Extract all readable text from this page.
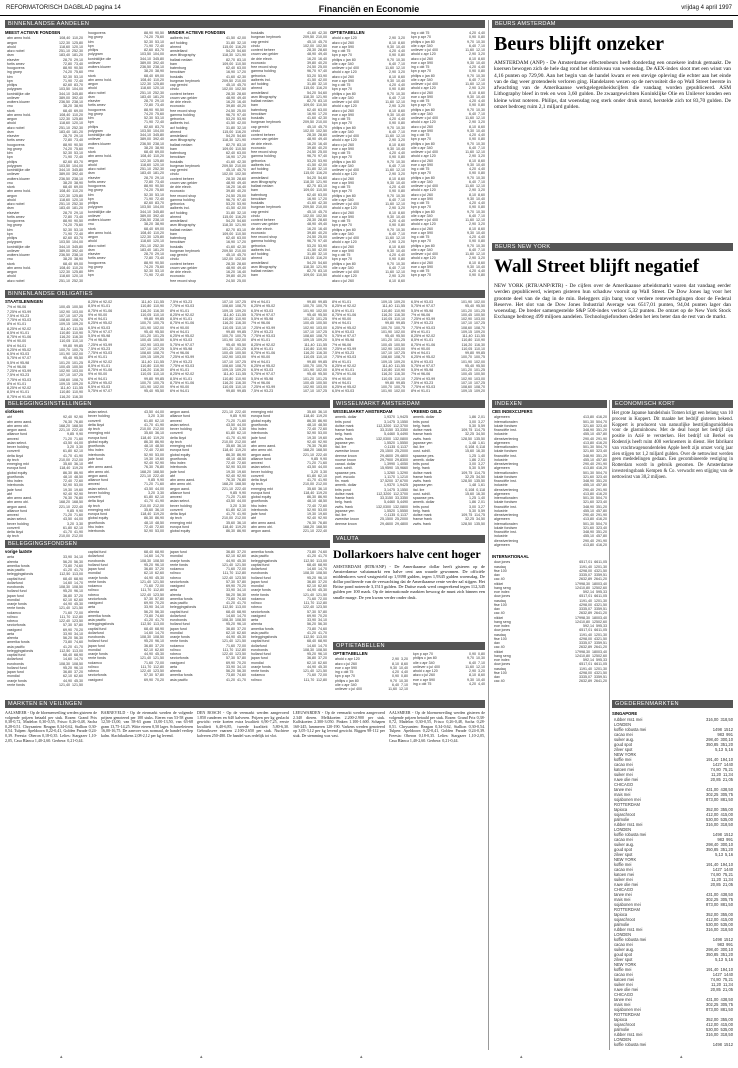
REFORMATORISCH DAGBLAD pagina 14	Financiën en Economie	vrijdag 4 april 1997
BINNENLANDSE AANDELEN
MEEST ACTIEVE FONDSEN
abn amro hold.	108,40 110,20
aegon	122,30 125,80
ahold	118,60 120,10
akzo nobel	251,10 252,30
dsm	183,40 181,20
elsevier	28,70 29,10
fortis amev	72,80 73,40
hoogovens	88,90 90,50
ing groep	74,20 75,60
klm	52,30 53,10
kpn	71,90 72,40
philips	82,60 83,70
polygram	103,50 104,00
koninklijke olie	344,10 345,80
unilever	389,00 392,40
wolters kluwer	236,50 238,10
vnu	38,20 38,90
stork	68,40 69,00
abn amro hold.	108,40 110,20
aegon	122,30 125,80
ahold	118,60 120,10
akzo nobel	251,10 252,30
dsm	183,40 181,20
elsevier	28,70 29,10
fortis amev	72,80 73,40
hoogovens	88,90 90,50
ing groep	74,20 75,60
klm	52,30 53,10
kpn	71,90 72,40
philips	82,60 83,70
polygram	103,50 104,00
koninklijke olie	344,10 345,80
unilever	389,00 392,40
wolters kluwer	236,50 238,10
vnu	38,20 38,90
stork	68,40 69,00
abn amro hold.	108,40 110,20
aegon	122,30 125,80
ahold	118,60 120,10
akzo nobel	251,10 252,30
dsm	183,40 181,20
elsevier	28,70 29,10
fortis amev	72,80 73,40
hoogovens	88,90 90,50
ing groep	74,20 75,60
klm	52,30 53,10
kpn	71,90 72,40
philips	82,60 83,70
polygram	103,50 104,00
koninklijke olie	344,10 345,80
unilever	389,00 392,40
wolters kluwer	236,50 238,10
vnu	38,20 38,90
stork	68,40 69,00
abn amro hold.	108,40 110,20
aegon	122,30 125,80
ahold	118,60 120,10
akzo nobel	251,10 252,30
hoogovens	88,90 90,50
ing groep	74,20 75,60
klm	52,30 53,10
kpn	71,90 72,40
philips	82,60 83,70
polygram	103,50 104,00
koninklijke olie	344,10 345,80
unilever	389,00 392,40
wolters kluwer	236,50 238,10
vnu	38,20 38,90
stork	68,40 69,00
abn amro hold.	108,40 110,20
aegon	122,30 125,80
ahold	118,60 120,10
akzo nobel	251,10 252,30
dsm	183,40 181,20
elsevier	28,70 29,10
fortis amev	72,80 73,40
hoogovens	88,90 90,50
ing groep	74,20 75,60
klm	52,30 53,10
kpn	71,90 72,40
philips	82,60 83,70
polygram	103,50 104,00
koninklijke olie	344,10 345,80
unilever	389,00 392,40
wolters kluwer	236,50 238,10
vnu	38,20 38,90
stork	68,40 69,00
abn amro hold.	108,40 110,20
aegon	122,30 125,80
ahold	118,60 120,10
akzo nobel	251,10 252,30
dsm	183,40 181,20
elsevier	28,70 29,10
fortis amev	72,80 73,40
hoogovens	88,90 90,50
ing groep	74,20 75,60
klm	52,30 53,10
kpn	71,90 72,40
philips	82,60 83,70
polygram	103,50 104,00
koninklijke olie	344,10 345,80
unilever	389,00 392,40
wolters kluwer	236,50 238,10
vnu	38,20 38,90
stork	68,40 69,00
abn amro hold.	108,40 110,20
aegon	122,30 125,80
ahold	118,60 120,10
akzo nobel	251,10 252,30
dsm	183,40 181,20
elsevier	28,70 29,10
fortis amev	72,80 73,40
hoogovens	88,90 90,50
ing groep	74,20 75,60
klm	52,30 53,10
kpn	71,90 72,40
MINDER ACTIEVE FONDSEN
aalberts ind.	41,50 42,00
acf holding	31,80 32,10
ahrend	115,00 116,20
amstelland	54,20 54,60
asm lithography	118,30 121,90
ballast nedam	82,70 83,10
bam	109,00 110,50
batenburg	62,40 63,00
benckiser	16,90 17,20
boskalis	41,60 42,30
burgman heybroek	209,50 210,00
cap gemini	45,10 45,70
cindu	102,00 102,50
content beheer	28,30 28,60
crown van gelder	48,90 49,40
de drie electr.	16,20 16,40
econosto	39,80 40,20
free record shop	24,50 25,00
gamma holding	96,70 97,40
getronics	53,20 53,90
aalberts ind.	41,50 42,00
acf holding	31,80 32,10
ahrend	115,00 116,20
amstelland	54,20 54,60
asm lithography	118,30 121,90
ballast nedam	82,70 83,10
bam	109,00 110,50
batenburg	62,40 63,00
benckiser	16,90 17,20
boskalis	41,60 42,30
burgman heybroek	209,50 210,00
cap gemini	45,10 45,70
cindu	102,00 102,50
content beheer	28,30 28,60
crown van gelder	48,90 49,40
de drie electr.	16,20 16,40
econosto	39,80 40,20
free record shop	24,50 25,00
gamma holding	96,70 97,40
getronics	53,20 53,90
aalberts ind.	41,50 42,00
acf holding	31,80 32,10
ahrend	115,00 116,20
amstelland	54,20 54,60
asm lithography	118,30 121,90
ballast nedam	82,70 83,10
bam	109,00 110,50
batenburg	62,40 63,00
benckiser	16,90 17,20
boskalis	41,60 42,30
burgman heybroek	209,50 210,00
cap gemini	45,10 45,70
cindu	102,00 102,50
content beheer	28,30 28,60
crown van gelder	48,90 49,40
de drie electr.	16,20 16,40
econosto	39,80 40,20
free record shop	24,50 25,00
boskalis	41,60 42,30
burgman heybroek	209,50 210,00
cap gemini	45,10 45,70
cindu	102,00 102,50
content beheer	28,30 28,60
crown van gelder	48,90 49,40
de drie electr.	16,20 16,40
econosto	39,80 40,20
free record shop	24,50 25,00
gamma holding	96,70 97,40
getronics	53,20 53,90
aalberts ind.	41,50 42,00
acf holding	31,80 32,10
ahrend	115,00 116,20
amstelland	54,20 54,60
asm lithography	118,30 121,90
ballast nedam	82,70 83,10
bam	109,00 110,50
batenburg	62,40 63,00
benckiser	16,90 17,20
boskalis	41,60 42,30
burgman heybroek	209,50 210,00
cap gemini	45,10 45,70
cindu	102,00 102,50
content beheer	28,30 28,60
crown van gelder	48,90 49,40
de drie electr.	16,20 16,40
econosto	39,80 40,20
free record shop	24,50 25,00
gamma holding	96,70 97,40
getronics	53,20 53,90
aalberts ind.	41,50 42,00
acf holding	31,80 32,10
ahrend	115,00 116,20
amstelland	54,20 54,60
asm lithography	118,30 121,90
ballast nedam	82,70 83,10
bam	109,00 110,50
batenburg	62,40 63,00
benckiser	16,90 17,20
boskalis	41,60 42,30
burgman heybroek	209,50 210,00
cap gemini	45,10 45,70
cindu	102,00 102,50
content beheer	28,30 28,60
crown van gelder	48,90 49,40
de drie electr.	16,20 16,40
econosto	39,80 40,20
free record shop	24,50 25,00
gamma holding	96,70 97,40
getronics	53,20 53,90
aalberts ind.	41,50 42,00
acf holding	31,80 32,10
ahrend	115,00 116,20
amstelland	54,20 54,60
asm lithography	118,30 121,90
ballast nedam	82,70 83,10
bam	109,00 110,50
OPTIETABELLEN
ahold c apr 120	2,90 3,20
akzo c jul 260	8,10 8,60
eoe c apr 590	9,30 10,40
ing c okt 75	4,20 4,40
kpn p apr 70	0,90 0,80
philips c jan 80	9,70 10,30
olie c apr 340	6,40 7,10
unilever c jul 400	11,60 12,10
ahold c apr 120	2,90 3,20
akzo c jul 260	8,10 8,60
eoe c apr 590	9,30 10,40
ing c okt 75	4,20 4,40
kpn p apr 70	0,90 0,80
philips c jan 80	9,70 10,30
olie c apr 340	6,40 7,10
unilever c jul 400	11,60 12,10
ahold c apr 120	2,90 3,20
akzo c jul 260	8,10 8,60
eoe c apr 590	9,30 10,40
ing c okt 75	4,20 4,40
kpn p apr 70	0,90 0,80
philips c jan 80	9,70 10,30
olie c apr 340	6,40 7,10
unilever c jul 400	11,60 12,10
ahold c apr 120	2,90 3,20
akzo c jul 260	8,10 8,60
eoe c apr 590	9,30 10,40
ing c okt 75	4,20 4,40
kpn p apr 70	0,90 0,80
philips c jan 80	9,70 10,30
olie c apr 340	6,40 7,10
unilever c jul 400	11,60 12,10
ahold c apr 120	2,90 3,20
akzo c jul 260	8,10 8,60
eoe c apr 590	9,30 10,40
ing c okt 75	4,20 4,40
kpn p apr 70	0,90 0,80
philips c jan 80	9,70 10,30
olie c apr 340	6,40 7,10
unilever c jul 400	11,60 12,10
ahold c apr 120	2,90 3,20
akzo c jul 260	8,10 8,60
eoe c apr 590	9,30 10,40
ing c okt 75	4,20 4,40
kpn p apr 70	0,90 0,80
philips c jan 80	9,70 10,30
olie c apr 340	6,40 7,10
unilever c jul 400	11,60 12,10
ahold c apr 120	2,90 3,20
akzo c jul 260	8,10 8,60
eoe c apr 590	9,30 10,40
ing c okt 75	4,20 4,40
kpn p apr 70	0,90 0,80
philips c jan 80	9,70 10,30
olie c apr 340	6,40 7,10
unilever c jul 400	11,60 12,10
ahold c apr 120	2,90 3,20
akzo c jul 260	8,10 8,60
ing c okt 75	4,20 4,40
kpn p apr 70	0,90 0,80
philips c jan 80	9,70 10,30
olie c apr 340	6,40 7,10
unilever c jul 400	11,60 12,10
ahold c apr 120	2,90 3,20
akzo c jul 260	8,10 8,60
eoe c apr 590	9,30 10,40
ing c okt 75	4,20 4,40
kpn p apr 70	0,90 0,80
philips c jan 80	9,70 10,30
olie c apr 340	6,40 7,10
unilever c jul 400	11,60 12,10
ahold c apr 120	2,90 3,20
akzo c jul 260	8,10 8,60
eoe c apr 590	9,30 10,40
ing c okt 75	4,20 4,40
kpn p apr 70	0,90 0,80
philips c jan 80	9,70 10,30
olie c apr 340	6,40 7,10
unilever c jul 400	11,60 12,10
ahold c apr 120	2,90 3,20
akzo c jul 260	8,10 8,60
eoe c apr 590	9,30 10,40
ing c okt 75	4,20 4,40
kpn p apr 70	0,90 0,80
philips c jan 80	9,70 10,30
olie c apr 340	6,40 7,10
unilever c jul 400	11,60 12,10
ahold c apr 120	2,90 3,20
akzo c jul 260	8,10 8,60
eoe c apr 590	9,30 10,40
ing c okt 75	4,20 4,40
kpn p apr 70	0,90 0,80
philips c jan 80	9,70 10,30
olie c apr 340	6,40 7,10
unilever c jul 400	11,60 12,10
ahold c apr 120	2,90 3,20
akzo c jul 260	8,10 8,60
eoe c apr 590	9,30 10,40
ing c okt 75	4,20 4,40
kpn p apr 70	0,90 0,80
philips c jan 80	9,70 10,30
olie c apr 340	6,40 7,10
unilever c jul 400	11,60 12,10
ahold c apr 120	2,90 3,20
akzo c jul 260	8,10 8,60
eoe c apr 590	9,30 10,40
ing c okt 75	4,20 4,40
kpn p apr 70	0,90 0,80
philips c jan 80	9,70 10,30
olie c apr 340	6,40 7,10
unilever c jul 400	11,60 12,10
ahold c apr 120	2,90 3,20
akzo c jul 260	8,10 8,60
eoe c apr 590	9,30 10,40
ing c okt 75	4,20 4,40
kpn p apr 70	0,90 0,80
BINNENLANDSE OBLIGATIES
STAATSLENINGEN
7% nl 96-06	100,45 100,50
7,25% nl 93-99	102,90 103,00
7,5% nl 93-23	107,10 107,25
7,75% nl 93-03	108,60 108,70
8% nl 91-01	109,15 109,20
8,25% nl 92-02	111,40 111,55
8,5% nl 91-01	110,80 110,90
8,75% nl 91-06	116,20 116,30
9% nl 90-00	110,05 110,10
6% nl 94-01	99,80 99,85
6,25% nl 95-02	100,70 100,75
6,5% nl 93-03	101,90 102,00
5,75% nl 97-07	95,40 95,50
5,5% nl 95-98	101,20 101,25
7% nl 96-06	100,45 100,50
7,25% nl 93-99	102,90 103,00
7,5% nl 93-23	107,10 107,25
7,75% nl 93-03	108,60 108,70
8% nl 91-01	109,15 109,20
8,25% nl 92-02	111,40 111,55
8,5% nl 91-01	110,80 110,90
8,75% nl 91-06	116,20 116,30
8,25% nl 92-02	111,40 111,55
8,5% nl 91-01	110,80 110,90
8,75% nl 91-06	116,20 116,30
9% nl 90-00	110,05 110,10
6% nl 94-01	99,80 99,85
6,25% nl 95-02	100,70 100,75
6,5% nl 93-03	101,90 102,00
5,75% nl 97-07	95,40 95,50
5,5% nl 95-98	101,20 101,25
7% nl 96-06	100,45 100,50
7,25% nl 93-99	102,90 103,00
7,5% nl 93-23	107,10 107,25
7,75% nl 93-03	108,60 108,70
8% nl 91-01	109,15 109,20
8,25% nl 92-02	111,40 111,55
8,5% nl 91-01	110,80 110,90
8,75% nl 91-06	116,20 116,30
9% nl 90-00	110,05 110,10
6% nl 94-01	99,80 99,85
6,25% nl 95-02	100,70 100,75
6,5% nl 93-03	101,90 102,00
5,75% nl 97-07	95,40 95,50
7,5% nl 93-23	107,10 107,25
7,75% nl 93-03	108,60 108,70
8% nl 91-01	109,15 109,20
8,25% nl 92-02	111,40 111,55
8,5% nl 91-01	110,80 110,90
8,75% nl 91-06	116,20 116,30
9% nl 90-00	110,05 110,10
6% nl 94-01	99,80 99,85
6,25% nl 95-02	100,70 100,75
6,5% nl 93-03	101,90 102,00
5,75% nl 97-07	95,40 95,50
5,5% nl 95-98	101,20 101,25
7% nl 96-06	100,45 100,50
7,25% nl 93-99	102,90 103,00
7,5% nl 93-23	107,10 107,25
7,75% nl 93-03	108,60 108,70
8% nl 91-01	109,15 109,20
8,25% nl 92-02	111,40 111,55
8,5% nl 91-01	110,80 110,90
8,75% nl 91-06	116,20 116,30
9% nl 90-00	110,05 110,10
6% nl 94-01	99,80 99,85
6% nl 94-01	99,80 99,85
6,25% nl 95-02	100,70 100,75
6,5% nl 93-03	101,90 102,00
5,75% nl 97-07	95,40 95,50
5,5% nl 95-98	101,20 101,25
7% nl 96-06	100,45 100,50
7,25% nl 93-99	102,90 103,00
7,5% nl 93-23	107,10 107,25
7,75% nl 93-03	108,60 108,70
8% nl 91-01	109,15 109,20
8,25% nl 92-02	111,40 111,55
8,5% nl 91-01	110,80 110,90
8,75% nl 91-06	116,20 116,30
9% nl 90-00	110,05 110,10
6% nl 94-01	99,80 99,85
6,25% nl 95-02	100,70 100,75
6,5% nl 93-03	101,90 102,00
5,75% nl 97-07	95,40 95,50
5,5% nl 95-98	101,20 101,25
7% nl 96-06	100,45 100,50
7,25% nl 93-99	102,90 103,00
7,5% nl 93-23	107,10 107,25
8% nl 91-01	109,15 109,20
8,25% nl 92-02	111,40 111,55
8,5% nl 91-01	110,80 110,90
8,75% nl 91-06	116,20 116,30
9% nl 90-00	110,05 110,10
6% nl 94-01	99,80 99,85
6,25% nl 95-02	100,70 100,75
6,5% nl 93-03	101,90 102,00
5,75% nl 97-07	95,40 95,50
5,5% nl 95-98	101,20 101,25
7% nl 96-06	100,45 100,50
7,25% nl 93-99	102,90 103,00
7,5% nl 93-23	107,10 107,25
7,75% nl 93-03	108,60 108,70
8% nl 91-01	109,15 109,20
8,25% nl 92-02	111,40 111,55
8,5% nl 91-01	110,80 110,90
8,75% nl 91-06	116,20 116,30
9% nl 90-00	110,05 110,10
6% nl 94-01	99,80 99,85
6,25% nl 95-02	100,70 100,75
6,5% nl 93-03	101,90 102,00
6,5% nl 93-03	101,90 102,00
5,75% nl 97-07	95,40 95,50
5,5% nl 95-98	101,20 101,25
7% nl 96-06	100,45 100,50
7,25% nl 93-99	102,90 103,00
7,5% nl 93-23	107,10 107,25
7,75% nl 93-03	108,60 108,70
8% nl 91-01	109,15 109,20
8,25% nl 92-02	111,40 111,55
8,5% nl 91-01	110,80 110,90
8,75% nl 91-06	116,20 116,30
9% nl 90-00	110,05 110,10
6% nl 94-01	99,80 99,85
6,25% nl 95-02	100,70 100,75
6,5% nl 93-03	101,90 102,00
5,75% nl 97-07	95,40 95,50
5,5% nl 95-98	101,20 101,25
7% nl 96-06	100,45 100,50
7,25% nl 93-99	102,90 103,00
7,5% nl 93-23	107,10 107,25
7,75% nl 93-03	108,60 108,70
8% nl 91-01	109,15 109,20
BELEGGINGSINSTELLINGEN
slotkoers
abf	92,40 92,90
abn amro aand.	76,30 76,80
abn amro obl.	168,20 168,50
aegon aand.	221,10 222,40
alliance fund	9,85 9,90
amvest	71,20 71,60
asian select.	43,50 44,00
bever holding	3,20 3,30
converti	61,80 62,10
delta lloyd	41,70 41,90
dp tech	210,00 212,00
emerging mkt	35,60 36,10
europa fund	118,40 119,20
global equity	86,30 86,90
groeifonds	48,10 48,50
hbu index	72,40 72,60
interbonds	52,90 53,00
jade fund	19,30 19,60
abf	92,40 92,90
abn amro aand.	76,30 76,80
abn amro obl.	168,20 168,50
aegon aand.	221,10 222,40
alliance fund	9,85 9,90
amvest	71,20 71,60
asian select.	43,50 44,00
bever holding	3,20 3,30
converti	61,80 62,10
delta lloyd	41,70 41,90
dp tech	210,00 212,00
asian select.	43,50 44,00
bever holding	3,20 3,30
converti	61,80 62,10
delta lloyd	41,70 41,90
dp tech	210,00 212,00
emerging mkt	35,60 36,10
europa fund	118,40 119,20
global equity	86,30 86,90
groeifonds	48,10 48,50
hbu index	72,40 72,60
interbonds	52,90 53,00
jade fund	19,30 19,60
abf	92,40 92,90
abn amro aand.	76,30 76,80
abn amro obl.	168,20 168,50
aegon aand.	221,10 222,40
alliance fund	9,85 9,90
amvest	71,20 71,60
asian select.	43,50 44,00
bever holding	3,20 3,30
converti	61,80 62,10
delta lloyd	41,70 41,90
dp tech	210,00 212,00
emerging mkt	35,60 36,10
europa fund	118,40 119,20
global equity	86,30 86,90
groeifonds	48,10 48,50
hbu index	72,40 72,60
interbonds	52,90 53,00
aegon aand.	221,10 222,40
alliance fund	9,85 9,90
amvest	71,20 71,60
asian select.	43,50 44,00
bever holding	3,20 3,30
converti	61,80 62,10
delta lloyd	41,70 41,90
dp tech	210,00 212,00
emerging mkt	35,60 36,10
europa fund	118,40 119,20
global equity	86,30 86,90
groeifonds	48,10 48,50
hbu index	72,40 72,60
interbonds	52,90 53,00
jade fund	19,30 19,60
abf	92,40 92,90
abn amro aand.	76,30 76,80
abn amro obl.	168,20 168,50
aegon aand.	221,10 222,40
alliance fund	9,85 9,90
amvest	71,20 71,60
asian select.	43,50 44,00
bever holding	3,20 3,30
converti	61,80 62,10
delta lloyd	41,70 41,90
dp tech	210,00 212,00
emerging mkt	35,60 36,10
europa fund	118,40 119,20
global equity	86,30 86,90
emerging mkt	35,60 36,10
europa fund	118,40 119,20
global equity	86,30 86,90
groeifonds	48,10 48,50
hbu index	72,40 72,60
interbonds	52,90 53,00
jade fund	19,30 19,60
abf	92,40 92,90
abn amro aand.	76,30 76,80
abn amro obl.	168,20 168,50
aegon aand.	221,10 222,40
alliance fund	9,85 9,90
amvest	71,20 71,60
asian select.	43,50 44,00
bever holding	3,20 3,30
converti	61,80 62,10
delta lloyd	41,70 41,90
dp tech	210,00 212,00
emerging mkt	35,60 36,10
europa fund	118,40 119,20
global equity	86,30 86,90
groeifonds	48,10 48,50
hbu index	72,40 72,60
interbonds	52,90 53,00
jade fund	19,30 19,60
abf	92,40 92,90
abn amro aand.	76,30 76,80
abn amro obl.	168,20 168,50
aegon aand.	221,10 222,40
WISSELMARKT AMSTERDAM
WISSELMARKT AMSTERDAM
amerik. dollar	1,9370 1,9425
brits pond	3,1475 3,1550
duitse mark	112,3200 112,3700
franse frank	33,3150 33,3350
belg. frank	5,4460 5,4490
zwits. frank	132,0300 132,0800
japanse yen	1,5520 1,5550
ital. lire	0,1135 0,1137
zweedse kroon	25,1500 25,2000
deense kroon	29,4600 29,4800
noorse kroon	29,7900 29,8300
canad. dollar	1,3990 1,4050
oost. schill.	15,9590 15,9660
spaanse pes.	1,3260 1,3290
port. escudo	1,1170 1,1210
fin. mark	37,5200 37,6700
amerik. dollar	1,9370 1,9425
brits pond	3,1475 3,1550
duitse mark	112,3200 112,3700
franse frank	33,3150 33,3350
belg. frank	5,4460 5,4490
zwits. frank	132,0300 132,0800
japanse yen	1,5520 1,5550
ital. lire	0,1135 0,1137
zweedse kroon	25,1500 25,2000
deense kroon	29,4600 29,4800
VREEMD GELD
amerik. dollar	1,86 2,01
brits pond	3,00 3,27
belg. frank	5,30 5,59
duitse mark	109,75 114,75
franse frank	32,25 34,50
zwits. frank	128,50 135,50
japanse yen	1,48 1,61
ital. lire	0,108 0,118
oost. schill.	15,60 16,30
spaanse pes.	1,25 1,40
amerik. dollar	1,86 2,01
brits pond	3,00 3,27
belg. frank	5,30 5,59
duitse mark	109,75 114,75
franse frank	32,25 34,50
zwits. frank	128,50 135,50
japanse yen	1,48 1,61
ital. lire	0,108 0,118
oost. schill.	15,60 16,30
spaanse pes.	1,25 1,40
amerik. dollar	1,86 2,01
brits pond	3,00 3,27
belg. frank	5,30 5,59
duitse mark	109,75 114,75
franse frank	32,25 34,50
zwits. frank	128,50 135,50
BELEGGINGSFONDSEN
vorige laatste
aeta	33,90 34,10
alrenta	56,20 56,30
amerika fonds	73,80 74,60
asia pacific	41,20 41,70
beleggingsfonds	112,50 113,00
capital fund	68,40 68,90
dollarfund	14,60 14,70
eurobonds	108,30 108,50
holland fund	95,20 96,10
japan fund	36,80 37,20
mondial	62,10 62,60
oranje fonds	44,90 45,30
rente fonds	121,40 121,50
rodamco	71,60 72,00
rolinco	111,70 112,80
robeco	122,40 123,50
sectorfonds	57,30 57,80
vastgoed	69,90 70,20
aeta	33,90 34,10
alrenta	56,20 56,30
amerika fonds	73,80 74,60
asia pacific	41,20 41,70
beleggingsfonds	112,50 113,00
capital fund	68,40 68,90
dollarfund	14,60 14,70
eurobonds	108,30 108,50
holland fund	95,20 96,10
japan fund	36,80 37,20
mondial	62,10 62,60
oranje fonds	44,90 45,30
rente fonds	121,40 121,50
capital fund	68,40 68,90
dollarfund	14,60 14,70
eurobonds	108,30 108,50
holland fund	95,20 96,10
japan fund	36,80 37,20
mondial	62,10 62,60
oranje fonds	44,90 45,30
rente fonds	121,40 121,50
rodamco	71,60 72,00
rolinco	111,70 112,80
robeco	122,40 123,50
sectorfonds	57,30 57,80
vastgoed	69,90 70,20
aeta	33,90 34,10
alrenta	56,20 56,30
amerika fonds	73,80 74,60
asia pacific	41,20 41,70
beleggingsfonds	112,50 113,00
capital fund	68,40 68,90
dollarfund	14,60 14,70
eurobonds	108,30 108,50
holland fund	95,20 96,10
japan fund	36,80 37,20
mondial	62,10 62,60
oranje fonds	44,90 45,30
rente fonds	121,40 121,50
rodamco	71,60 72,00
rolinco	111,70 112,80
robeco	122,40 123,50
sectorfonds	57,30 57,80
vastgoed	69,90 70,20
japan fund	36,80 37,20
mondial	62,10 62,60
oranje fonds	44,90 45,30
rente fonds	121,40 121,50
rodamco	71,60 72,00
rolinco	111,70 112,80
robeco	122,40 123,50
sectorfonds	57,30 57,80
vastgoed	69,90 70,20
aeta	33,90 34,10
alrenta	56,20 56,30
amerika fonds	73,80 74,60
asia pacific	41,20 41,70
beleggingsfonds	112,50 113,00
capital fund	68,40 68,90
dollarfund	14,60 14,70
eurobonds	108,30 108,50
holland fund	95,20 96,10
japan fund	36,80 37,20
mondial	62,10 62,60
oranje fonds	44,90 45,30
rente fonds	121,40 121,50
rodamco	71,60 72,00
rolinco	111,70 112,80
robeco	122,40 123,50
sectorfonds	57,30 57,80
vastgoed	69,90 70,20
aeta	33,90 34,10
alrenta	56,20 56,30
amerika fonds	73,80 74,60
asia pacific	41,20 41,70
amerika fonds	73,80 74,60
asia pacific	41,20 41,70
beleggingsfonds	112,50 113,00
capital fund	68,40 68,90
dollarfund	14,60 14,70
eurobonds	108,30 108,50
holland fund	95,20 96,10
japan fund	36,80 37,20
mondial	62,10 62,60
oranje fonds	44,90 45,30
rente fonds	121,40 121,50
rodamco	71,60 72,00
rolinco	111,70 112,80
robeco	122,40 123,50
sectorfonds	57,30 57,80
vastgoed	69,90 70,20
aeta	33,90 34,10
alrenta	56,20 56,30
amerika fonds	73,80 74,60
asia pacific	41,20 41,70
beleggingsfonds	112,50 113,00
capital fund	68,40 68,90
dollarfund	14,60 14,70
eurobonds	108,30 108,50
holland fund	95,20 96,10
japan fund	36,80 37,20
mondial	62,10 62,60
oranje fonds	44,90 45,30
rente fonds	121,40 121,50
rodamco	71,60 72,00
rolinco	111,70 112,80
VALUTA
Dollarkoers halve cent hoger

AMSTERDAM (RTR/ANP) - De Amerikaanse dollar heeft gisteren op de Amsterdamse valutamarkt een halve cent aan waarde gewonnen. De officiële middenkoers werd vastgesteld op 1,9398 gulden, tegen 1,9345 gulden woensdag. De dollar profiteerde van de verwachting dat de Amerikaanse rente verder zal stijgen. Het Britse pond noteerde 3,1513 gulden. De Duitse mark werd omgerekend tegen 112,345 gulden per 100 mark. Op de internationale markten bewoog de munt zich binnen een smalle marge. De yen kwam verder onder druk.

OPTIETABELLEN
OPTIETABELLEN
ahold c apr 120	2,90 3,20
akzo c jul 260	8,10 8,60
eoe c apr 590	9,30 10,40
ing c okt 75	4,20 4,40
kpn p apr 70	0,90 0,80
philips c jan 80	9,70 10,30
olie c apr 340	6,40 7,10
unilever c jul 400	11,60 12,10
kpn p apr 70	0,90 0,80
philips c jan 80	9,70 10,30
olie c apr 340	6,40 7,10
unilever c jul 400	11,60 12,10
ahold c apr 120	2,90 3,20
akzo c jul 260	8,10 8,60
eoe c apr 590	9,30 10,40
ing c okt 75	4,20 4,40
MARKTEN EN VEILINGEN
AALSMEER - Op de bloemenveiling werden gisteren de volgende prijzen betaald per stuk. Rozen: Grand Prix 0,38-0,72, Madelon 0,30-0,55, Frisco 0,26-0,48, Sacha 0,28-0,51. Chrysanten: Reagan 0,34-0,62, Stallion 0,30-0,54. Tulpen: Apeldoorn 0,22-0,41, Golden Parade 0,24-0,39. Freesia: Oberon 0,18-0,35. Lelies: Stargazer 1,10-2,05, Casa Blanca 1,40-2,60. Gerbera: 0,21-0,44.
BARNEVELD - Op de eiermarkt werden de volgende prijzen genoteerd per 100 stuks. Eieren van 53-58 gram 12,50-13,00, van 58-63 gram 13,00-13,50, van 63-68 gram 13,75-14,25. Witte eieren 0,50 lager. Scharreleieren 16,00-16,75. De aanvoer was normaal, de handel verliep kalm. Slachtkuikens 2,08-2,12 per kg levend.
DEN BOSCH - Op de veemarkt werden aangevoerd 1.850 runderen en 640 kalveren. Prijzen per kg geslacht gewicht: vette koeien extra kwaliteit 6,90-7,25, eerste kwaliteit 6,40-6,85, tweede kwaliteit 5,80-6,30. Gebruiksvee vaarzen 2.100-2.650 per stuk. Nuchtere kalveren 250-480. De handel was redelijk tot vlot.
LEEUWARDEN - Op de veemarkt werden aangevoerd 2.340 dieren. Melkkoeien 2.200-2.900 per stuk. Kalfskoeien 2.300-3.050. Pinken 1.100-1.600. Schapen 160-245, lammeren 120-190. Varkens werden genoteerd op 3,05-3,12 per kg levend gewicht. Biggen 98-112 per stuk. De stemming was vast.
AALSMEER - Op de bloemenveiling werden gisteren de volgende prijzen betaald per stuk. Rozen: Grand Prix 0,38-0,72, Madelon 0,30-0,55, Frisco 0,26-0,48, Sacha 0,28-0,51. Chrysanten: Reagan 0,34-0,62, Stallion 0,30-0,54. Tulpen: Apeldoorn 0,22-0,41, Golden Parade 0,24-0,39. Freesia: Oberon 0,18-0,35. Lelies: Stargazer 1,10-2,05, Casa Blanca 1,40-2,60. Gerbera: 0,21-0,44.
BEURS AMSTERDAM
Beurs blijft onzeker

AMSTERDAM (ANP) - De Amsterdamse effectenbeurs heeft donderdag een onzekere indruk gemaakt. De koersen bewogen zich de hele dag rond het slotniveau van woensdag. De AEX-index sloot met een winst van 4,16 punten op 729,90. Aan het begin van de handel kwam er een stevige opleving die echter aan het einde van de dag weer grotendeels verloren ging. Handelaren wezen op de nervositeit die op Wall Street heerste in afwachting van de Amerikaanse werkgelegenheidscijfers die vandaag worden gepubliceerd. ASM Lithography bleef in trek en won 3,60 gulden. De zwaargewichten Koninklijke Olie en Unilever konden een kleine winst noteren. Philips, dat woensdag nog sterk onder druk stond, herstelde zich tot 83,70 gulden. De omzet bedroeg ruim 2,1 miljard gulden.

BEURS NEW YORK
Wall Street blijft negatief

NEW YORK (RTR/ANP/RTR) - De cijfers over de Amerikaanse arbeidsmarkt waren dat vandaag eerder werden gepubliceerd, wierpen gisteren hun schaduw vooruit op Wall Street. De Dow Jones lag voor het grootste deel van de dag in de min. Beleggers zijn bang voor verdere renteverhogingen door de Federal Reserve. Het slot van de Dow Jones Industrial Average was 6517,01 punten, 94,04 punten lager dan woensdag. De breder samengestelde S&P 500-index verloor 5,32 punten. De omzet op de New York Stock Exchange bedroeg 499 miljoen aandelen. Technologiefondsen deden het iets beter dan de rest van de markt.

INDEXEN
CBS INDEXCIJFERS
algemeen	413,80 416,20
internationalen	501,30 504,70
lokale fondsen	321,60 323,40
financiële inst.	348,90 351,20
industrie	455,10 457,80
dienstverlening	290,40 291,90
algemeen	413,80 416,20
internationalen	501,30 504,70
lokale fondsen	321,60 323,40
financiële inst.	348,90 351,20
industrie	455,10 457,80
dienstverlening	290,40 291,90
algemeen	413,80 416,20
internationalen	501,30 504,70
lokale fondsen	321,60 323,40
financiële inst.	348,90 351,20
industrie	455,10 457,80
dienstverlening	290,40 291,90
algemeen	413,80 416,20
internationalen	501,30 504,70
lokale fondsen	321,60 323,40
financiële inst.	348,90 351,20
industrie	455,10 457,80
dienstverlening	290,40 291,90
algemeen	413,80 416,20
internationalen	501,30 504,70
lokale fondsen	321,60 323,40
financiële inst.	348,90 351,20
industrie	455,10 457,80
dienstverlening	290,40 291,90
algemeen	413,80 416,20
INTERNATIONAAL
dow jones	6517,01 6611,05
nasdaq	1191,40 1201,30
ftse 100	4298,00 4321,50
dax	3335,07 3359,51
cac 40	2632,89 2641,20
nikkei	17998,30 18003,40
hang seng	12410,80 12502,60
eoe index	592,14 595,33
dow jones	6517,01 6611,05
nasdaq	1191,40 1201,30
ftse 100	4298,00 4321,50
dax	3335,07 3359,51
cac 40	2632,89 2641,20
nikkei	17998,30 18003,40
hang seng	12410,80 12502,60
eoe index	592,14 595,33
dow jones	6517,01 6611,05
nasdaq	1191,40 1201,30
ftse 100	4298,00 4321,50
dax	3335,07 3359,51
cac 40	2632,89 2641,20
nikkei	17998,30 18003,40
hang seng	12410,80 12502,60
eoe index	592,14 595,33
dow jones	6517,01 6611,05
nasdaq	1191,40 1201,30
ftse 100	4298,00 4321,50
dax	3335,07 3359,51
cac 40	2632,89 2641,20
ECONOMISCH KORT
Het grote Japanse handelshuis Tomen krijgt een belang van 10 procent in Koppert. Dit maakte het bedrijf gisteren bekend. Koppert is producent van natuurlijke bestrijdingsmiddelen voor de glastuinbouw. Met de deal hoopt het bedrijf zijn positie in Azië te versterken. Het bedrijf uit Berkel en Rodenrijs heeft ruim 400 werknemers in dienst. Het fabrikant van vrachtwagenonderdelen Apple heeft zijn omzet vorig jaar zien stijgen tot 1,2 miljard gulden. Over de nettowinst werden geen mededelingen gedaan. Een gecombineerde vestiging in Rotterdam wordt in gebruik genomen. De Amsterdamse investeringsbank Kempen & Co. verwacht een stijging van de nettowinst van 30,2 miljoen.
GOEDERENMARKTEN
SINGAPORE
rubber rss1 mei	316,00 318,50
LONDEN
koffie robusta mei	1498 1512
cacao mei	983 991
suiker aug.	298,40 300,10
goud spot	350,85 351,20
zilver spot	5,13 5,16
NEW YORK
koffie mei	191,40 194,10
cacao mei	1427 1440
katoen mei	74,80 75,21
suiker mei	11,20 11,34
ruwe olie mei	20,85 21,05
CHICAGO
tarwe mei	431,00 438,50
mais mei	302,25 305,75
sojabonen mei	873,00 881,50
ROTTERDAM
tapioca	352,00 355,00
sojaschroot	412,00 415,00
palmolie	530,00 535,00
rubber rss1 mei	316,00 318,50
LONDEN
koffie robusta mei	1498 1512
cacao mei	983 991
suiker aug.	298,40 300,10
goud spot	350,85 351,20
zilver spot	5,13 5,16
NEW YORK
koffie mei	191,40 194,10
cacao mei	1427 1440
katoen mei	74,80 75,21
suiker mei	11,20 11,34
ruwe olie mei	20,85 21,05
CHICAGO
tarwe mei	431,00 438,50
mais mei	302,25 305,75
sojabonen mei	873,00 881,50
ROTTERDAM
tapioca	352,00 355,00
sojaschroot	412,00 415,00
palmolie	530,00 535,00
rubber rss1 mei	316,00 318,50
LONDEN
koffie robusta mei	1498 1512
cacao mei	983 991
suiker aug.	298,40 300,10
goud spot	350,85 351,20
zilver spot	5,13 5,16
NEW YORK
koffie mei	191,40 194,10
cacao mei	1427 1440
katoen mei	74,80 75,21
suiker mei	11,20 11,34
ruwe olie mei	20,85 21,05
CHICAGO
tarwe mei	431,00 438,50
mais mei	302,25 305,75
sojabonen mei	873,00 881,50
ROTTERDAM
tapioca	352,00 355,00
sojaschroot	412,00 415,00
palmolie	530,00 535,00
rubber rss1 mei	316,00 318,50
LONDEN
koffie robusta mei	1498 1512
▴	▴	▴	▴	▴
